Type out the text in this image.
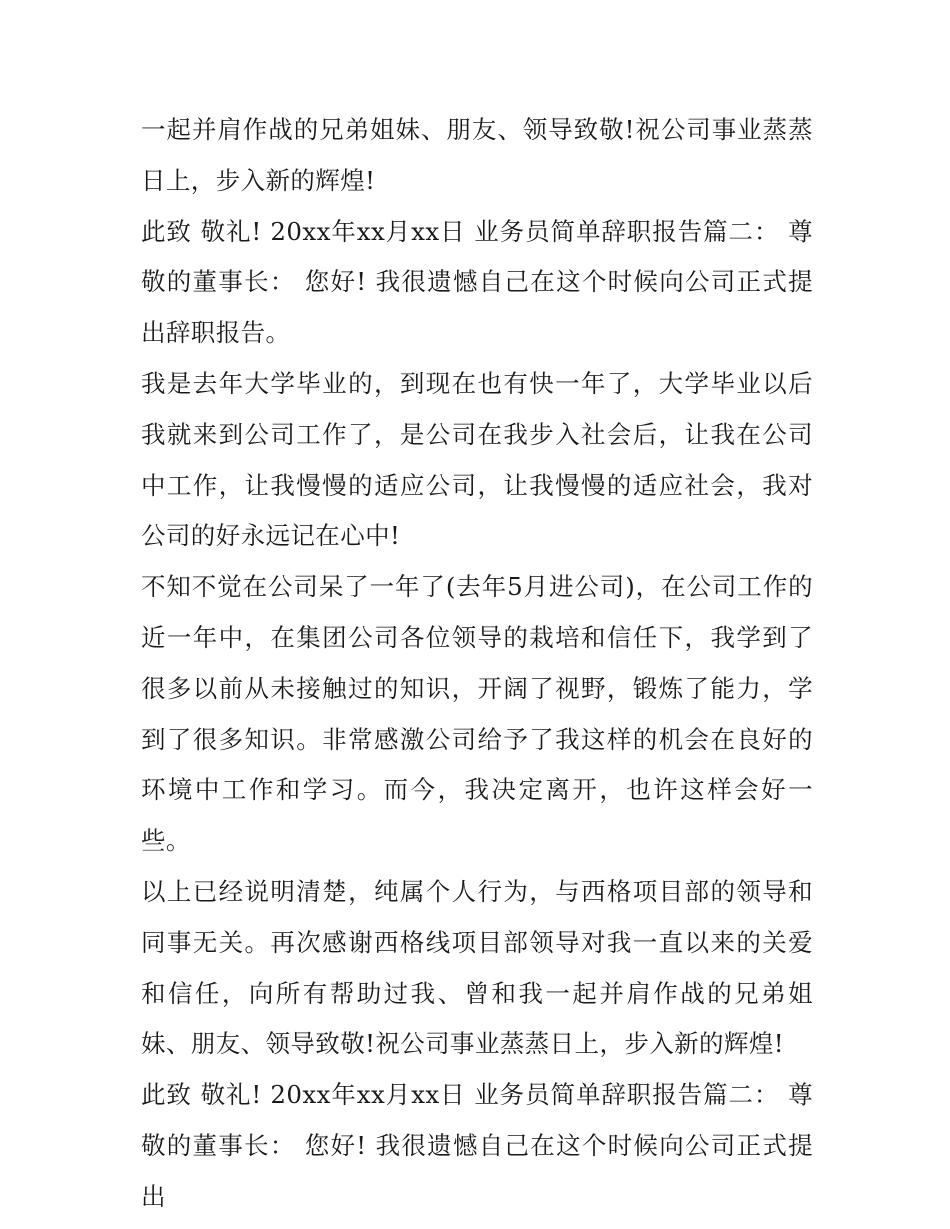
一起并肩作战的兄弟姐妹、朋友、领导致敬!祝公司事业蒸蒸日上，步入新的辉煌!

此致 敬礼! 20xx年xx月xx日 业务员简单辞职报告篇二： 尊敬的董事长： 您好! 我很遗憾自己在这个时候向公司正式提出辞职报告。

我是去年大学毕业的，到现在也有快一年了，大学毕业以后我就来到公司工作了，是公司在我步入社会后，让我在公司中工作，让我慢慢的适应公司，让我慢慢的适应社会，我对公司的好永远记在心中!

不知不觉在公司呆了一年了(去年5月进公司)，在公司工作的近一年中，在集团公司各位领导的栽培和信任下，我学到了很多以前从未接触过的知识，开阔了视野，锻炼了能力，学到了很多知识。非常感激公司给予了我这样的机会在良好的环境中工作和学习。而今，我决定离开，也许这样会好一些。

以上已经说明清楚，纯属个人行为，与西格项目部的领导和同事无关。再次感谢西格线项目部领导对我一直以来的关爱和信任，向所有帮助过我、曾和我一起并肩作战的兄弟姐妹、朋友、领导致敬!祝公司事业蒸蒸日上，步入新的辉煌!

此致 敬礼! 20xx年xx月xx日 业务员简单辞职报告篇二： 尊敬的董事长： 您好! 我很遗憾自己在这个时候向公司正式提出
